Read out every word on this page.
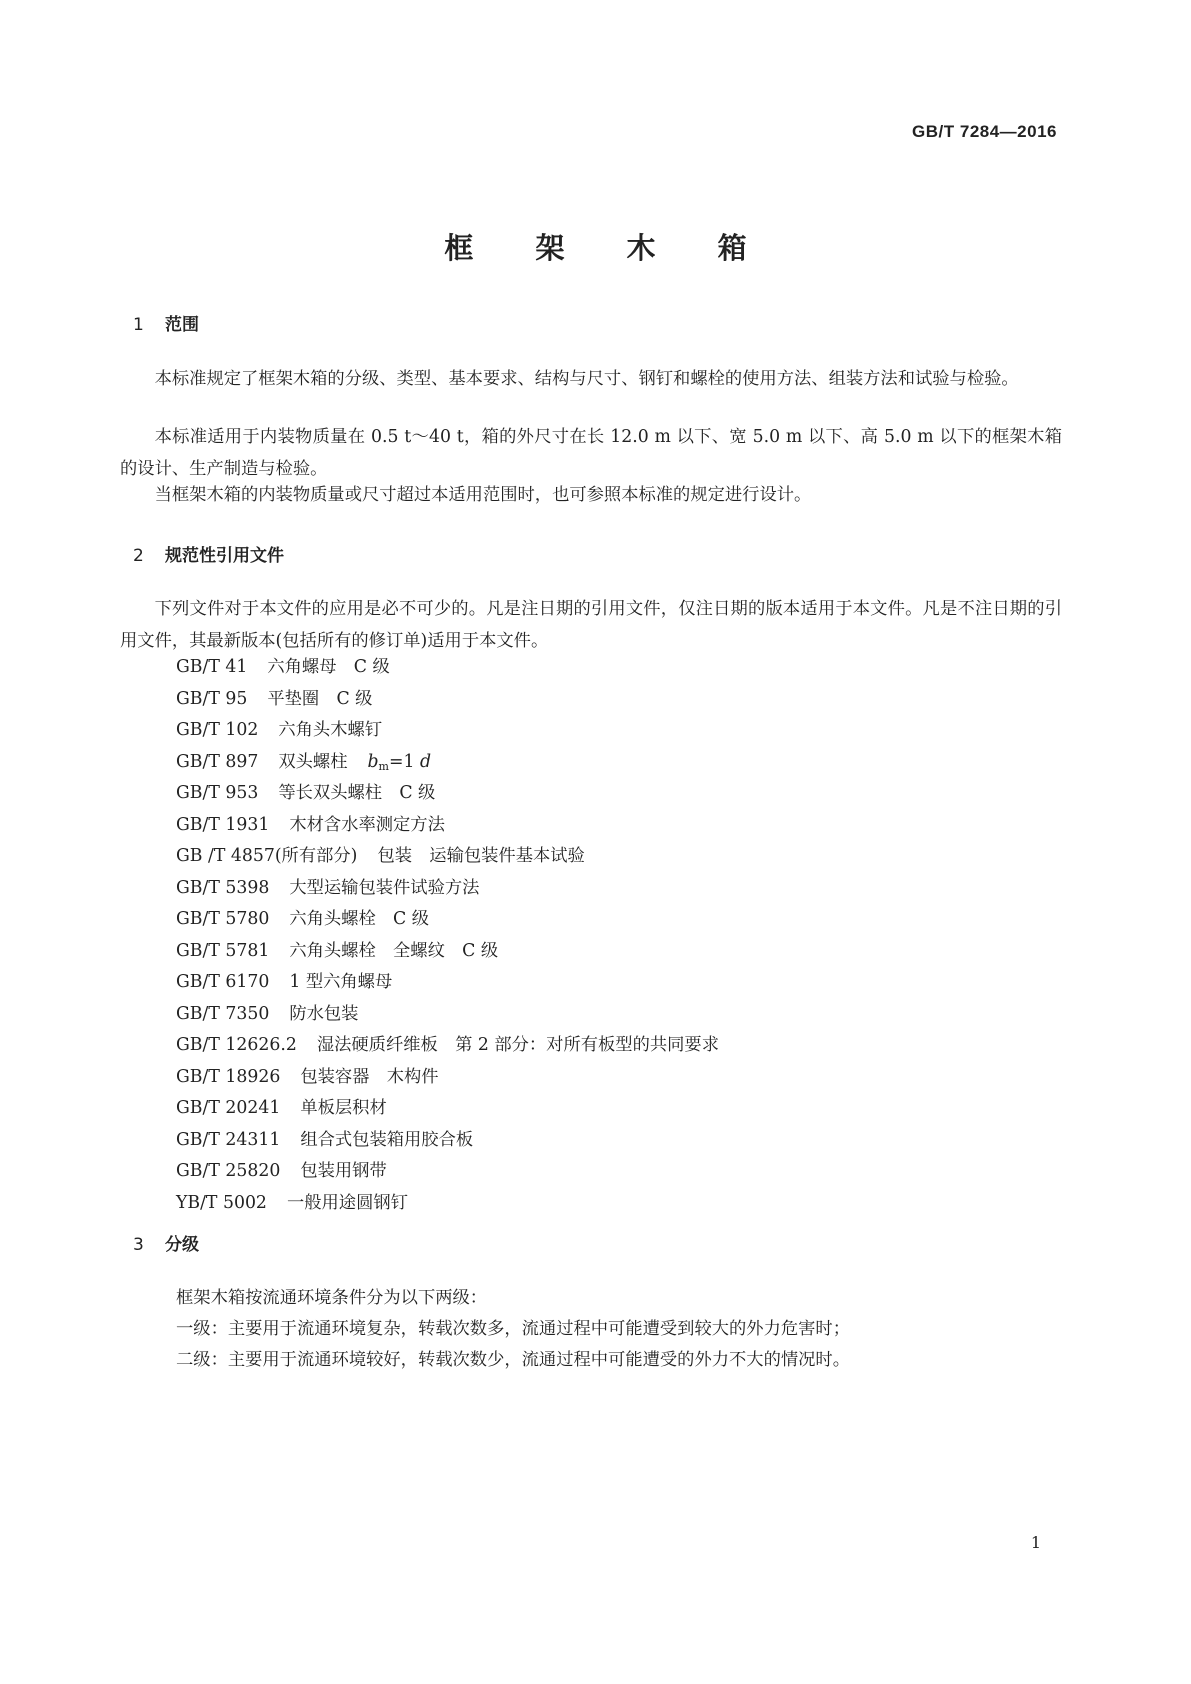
GB/T 7284—2016
框 架 木 箱
1 范围

本标准规定了框架木箱的分级、类型、基本要求、结构与尺寸、钢钉和螺栓的使用方法、组装方法和试验与检验。

本标准适用于内装物质量在 0.5 t～40 t，箱的外尺寸在长 12.0 m 以下、宽 5.0 m 以下、高 5.0 m 以下的框架木箱的设计、生产制造与检验。

当框架木箱的内装物质量或尺寸超过本适用范围时，也可参照本标准的规定进行设计。

2 规范性引用文件

下列文件对于本文件的应用是必不可少的。凡是注日期的引用文件，仅注日期的版本适用于本文件。凡是不注日期的引用文件，其最新版本(包括所有的修订单)适用于本文件。

GB/T 41 六角螺母　C 级
GB/T 95 平垫圈　C 级
GB/T 102 六角头木螺钉
GB/T 897 双头螺柱 $b_m=1$ d
GB/T 953 等长双头螺柱　C 级
GB/T 1931 木材含水率测定方法
GB /T 4857(所有部分) 包装　运输包装件基本试验
GB/T 5398 大型运输包装件试验方法
GB/T 5780 六角头螺栓　C 级
GB/T 5781 六角头螺栓　全螺纹　C 级
GB/T 6170 1 型六角螺母
GB/T 7350 防水包装
GB/T 12626.2 湿法硬质纤维板　第 2 部分：对所有板型的共同要求
GB/T 18926 包装容器　木构件
GB/T 20241 单板层积材
GB/T 24311 组合式包装箱用胶合板
GB/T 25820 包装用钢带
YB/T 5002 一般用途圆钢钉
3 分级
框架木箱按流通环境条件分为以下两级：
一级：主要用于流通环境复杂，转载次数多，流通过程中可能遭受到较大的外力危害时；
二级：主要用于流通环境较好，转载次数少，流通过程中可能遭受的外力不大的情况时。
1
